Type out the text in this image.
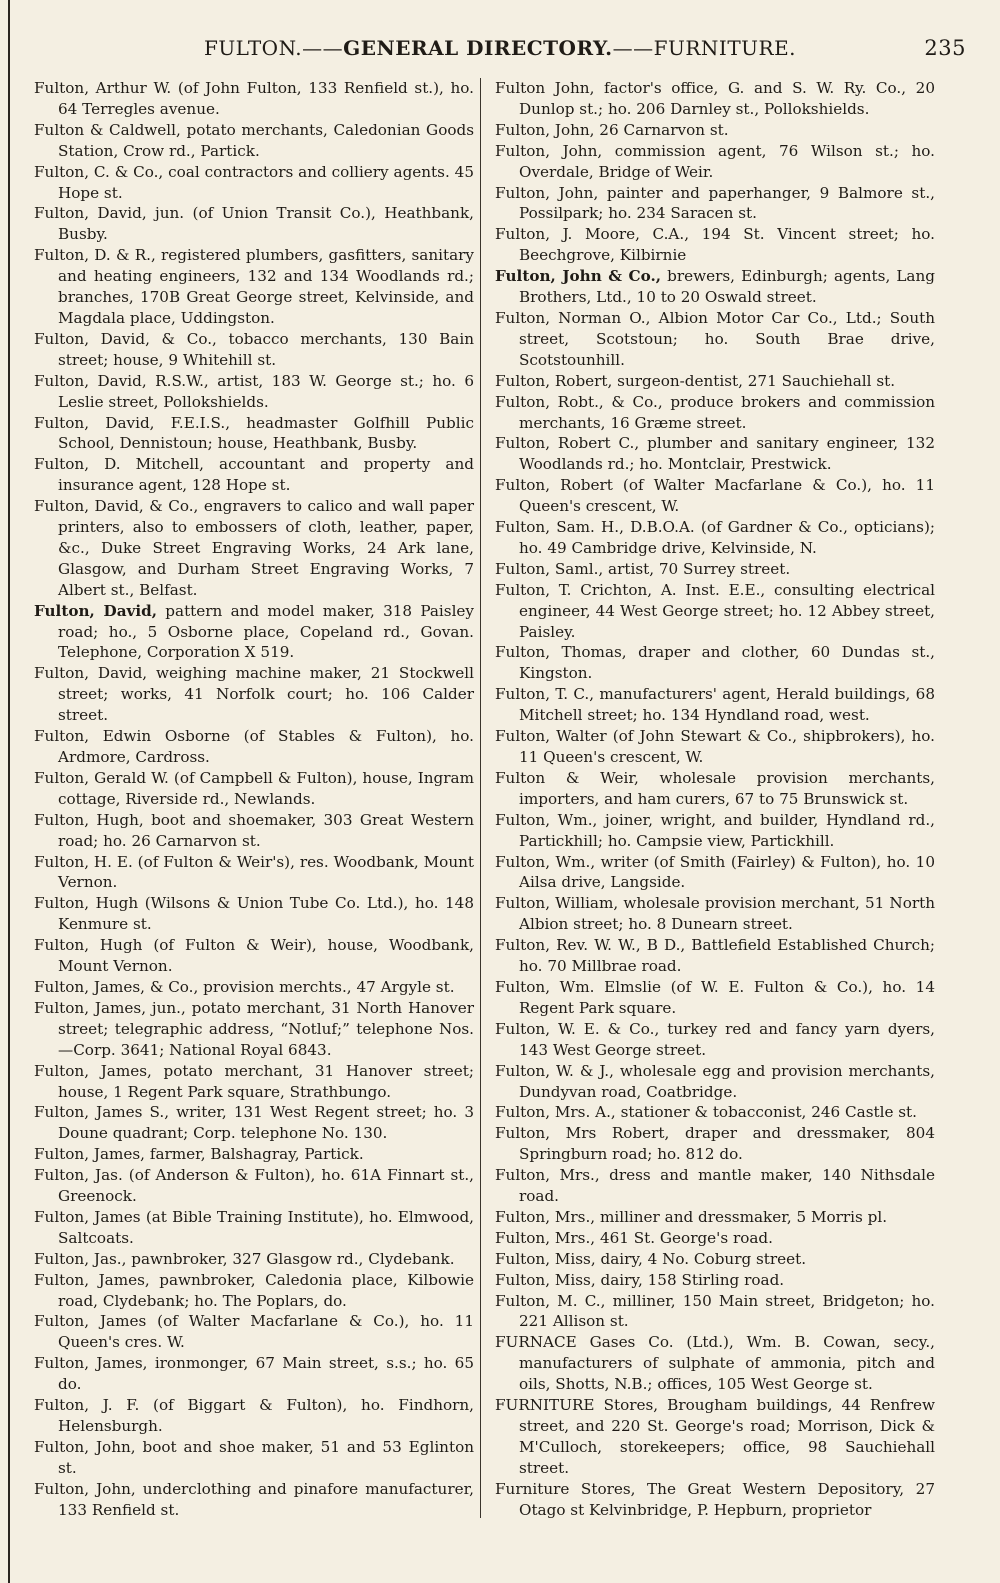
FULTON.——GENERAL DIRECTORY.——FURNITURE.	235

Fulton, Arthur W. (of John Fulton, 133 Renfield st.), ho. 64 Terregles avenue.

Fulton & Caldwell, potato merchants, Caledonian Goods Station, Crow rd., Partick.

Fulton, C. & Co., coal contractors and colliery agents. 45 Hope st.

Fulton, David, jun. (of Union Transit Co.), Heathbank, Busby.

Fulton, D. & R., registered plumbers, gasfitters, sanitary and heating engineers, 132 and 134 Woodlands rd.; branches, 170B Great George street, Kelvinside, and Magdala place, Uddingston.

Fulton, David, & Co., tobacco merchants, 130 Bain street; house, 9 Whitehill st.

Fulton, David, R.S.W., artist, 183 W. George st.; ho. 6 Leslie street, Pollokshields.

Fulton, David, F.E.I.S., headmaster Golfhill Public School, Dennistoun; house, Heathbank, Busby.

Fulton, D. Mitchell, accountant and property and insurance agent, 128 Hope st.

Fulton, David, & Co., engravers to calico and wall paper printers, also to embossers of cloth, leather, paper, &c., Duke Street Engraving Works, 24 Ark lane, Glasgow, and Durham Street Engraving Works, 7 Albert st., Belfast.

Fulton, David, pattern and model maker, 318 Paisley road; ho., 5 Osborne place, Copeland rd., Govan. Telephone, Corporation X 519.

Fulton, David, weighing machine maker, 21 Stockwell street; works, 41 Norfolk court; ho. 106 Calder street.

Fulton, Edwin Osborne (of Stables & Fulton), ho. Ardmore, Cardross.

Fulton, Gerald W. (of Campbell & Fulton), house, Ingram cottage, Riverside rd., Newlands.

Fulton, Hugh, boot and shoemaker, 303 Great Western road; ho. 26 Carnarvon st.

Fulton, H. E. (of Fulton & Weir's), res. Woodbank, Mount Vernon.

Fulton, Hugh (Wilsons & Union Tube Co. Ltd.), ho. 148 Kenmure st.

Fulton, Hugh (of Fulton & Weir), house, Woodbank, Mount Vernon.

Fulton, James, & Co., provision merchts., 47 Argyle st.

Fulton, James, jun., potato merchant, 31 North Hanover street; telegraphic address, “Notluf;” telephone Nos.—Corp. 3641; National Royal 6843.

Fulton, James, potato merchant, 31 Hanover street; house, 1 Regent Park square, Strathbungo.

Fulton, James S., writer, 131 West Regent street; ho. 3 Doune quadrant; Corp. telephone No. 130.

Fulton, James, farmer, Balshagray, Partick.

Fulton, Jas. (of Anderson & Fulton), ho. 61A Finnart st., Greenock.

Fulton, James (at Bible Training Institute), ho. Elmwood, Saltcoats.

Fulton, Jas., pawnbroker, 327 Glasgow rd., Clydebank.

Fulton, James, pawnbroker, Caledonia place, Kilbowie road, Clydebank; ho. The Poplars, do.

Fulton, James (of Walter Macfarlane & Co.), ho. 11 Queen's cres. W.

Fulton, James, ironmonger, 67 Main street, s.s.; ho. 65 do.

Fulton, J. F. (of Biggart & Fulton), ho. Findhorn, Helensburgh.

Fulton, John, boot and shoe maker, 51 and 53 Eglinton st.

Fulton, John, underclothing and pinafore manufacturer, 133 Renfield st.

Fulton John, factor's office, G. and S. W. Ry. Co., 20 Dunlop st.; ho. 206 Darnley st., Pollokshields.

Fulton, John, 26 Carnarvon st.

Fulton, John, commission agent, 76 Wilson st.; ho. Overdale, Bridge of Weir.

Fulton, John, painter and paperhanger, 9 Balmore st., Possilpark; ho. 234 Saracen st.

Fulton, J. Moore, C.A., 194 St. Vincent street; ho. Beechgrove, Kilbirnie

Fulton, John & Co., brewers, Edinburgh; agents, Lang Brothers, Ltd., 10 to 20 Oswald street.

Fulton, Norman O., Albion Motor Car Co., Ltd.; South street, Scotstoun; ho. South Brae drive, Scotstounhill.

Fulton, Robert, surgeon-dentist, 271 Sauchiehall st.

Fulton, Robt., & Co., produce brokers and commission merchants, 16 Græme street.

Fulton, Robert C., plumber and sanitary engineer, 132 Woodlands rd.; ho. Montclair, Prestwick.

Fulton, Robert (of Walter Macfarlane & Co.), ho. 11 Queen's crescent, W.

Fulton, Sam. H., D.B.O.A. (of Gardner & Co., opticians); ho. 49 Cambridge drive, Kelvinside, N.

Fulton, Saml., artist, 70 Surrey street.

Fulton, T. Crichton, A. Inst. E.E., consulting electrical engineer, 44 West George street; ho. 12 Abbey street, Paisley.

Fulton, Thomas, draper and clother, 60 Dundas st., Kingston.

Fulton, T. C., manufacturers' agent, Herald buildings, 68 Mitchell street; ho. 134 Hyndland road, west.

Fulton, Walter (of John Stewart & Co., shipbrokers), ho. 11 Queen's crescent, W.

Fulton & Weir, wholesale provision merchants, importers, and ham curers, 67 to 75 Brunswick st.

Fulton, Wm., joiner, wright, and builder, Hyndland rd., Partickhill; ho. Campsie view, Partickhill.

Fulton, Wm., writer (of Smith (Fairley) & Fulton), ho. 10 Ailsa drive, Langside.

Fulton, William, wholesale provision merchant, 51 North Albion street; ho. 8 Dunearn street.

Fulton, Rev. W. W., B D., Battlefield Established Church; ho. 70 Millbrae road.

Fulton, Wm. Elmslie (of W. E. Fulton & Co.), ho. 14 Regent Park square.

Fulton, W. E. & Co., turkey red and fancy yarn dyers, 143 West George street.

Fulton, W. & J., wholesale egg and provision merchants, Dundyvan road, Coatbridge.

Fulton, Mrs. A., stationer & tobacconist, 246 Castle st.

Fulton, Mrs Robert, draper and dressmaker, 804 Springburn road; ho. 812 do.

Fulton, Mrs., dress and mantle maker, 140 Nithsdale road.

Fulton, Mrs., milliner and dressmaker, 5 Morris pl.

Fulton, Mrs., 461 St. George's road.

Fulton, Miss, dairy, 4 No. Coburg street.

Fulton, Miss, dairy, 158 Stirling road.

Fulton, M. C., milliner, 150 Main street, Bridgeton; ho. 221 Allison st.

FURNACE Gases Co. (Ltd.), Wm. B. Cowan, secy., manufacturers of sulphate of ammonia, pitch and oils, Shotts, N.B.; offices, 105 West George st.

FURNITURE Stores, Brougham buildings, 44 Renfrew street, and 220 St. George's road; Morrison, Dick & M'Culloch, storekeepers; office, 98 Sauchiehall street.

Furniture Stores, The Great Western Depository, 27 Otago st Kelvinbridge, P. Hepburn, proprietor
